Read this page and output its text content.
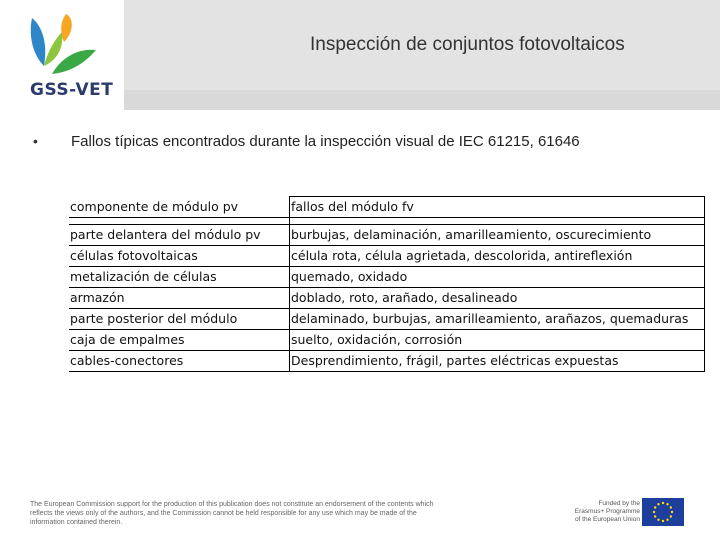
GSS-VET
Inspección de conjuntos fotovoltaicos
• Fallos típicas encontrados durante la inspección visual de IEC 61215, 61646
componente de módulo pv	fallos del módulo fv

parte delantera del módulo pv	burbujas, delaminación, amarilleamiento, oscurecimiento
células fotovoltaicas	célula rota, célula agrietada, descolorida, antireflexión
metalización de células	quemado, oxidado
armazón	doblado, roto, arañado, desalineado
parte posterior del módulo	delaminado, burbujas, amarilleamiento, arañazos, quemaduras
caja de empalmes	suelto, oxidación, corrosión
cables-conectores	Desprendimiento, frágil, partes eléctricas expuestas
The European Commission support for the production of this publication does not constitute an endorsement of the contents which reflects the views only of the authors, and the Commission cannot be held responsible for any use which may be made of the information contained therein.
Funded by the
Erasmus+ Programme
of the European Union
